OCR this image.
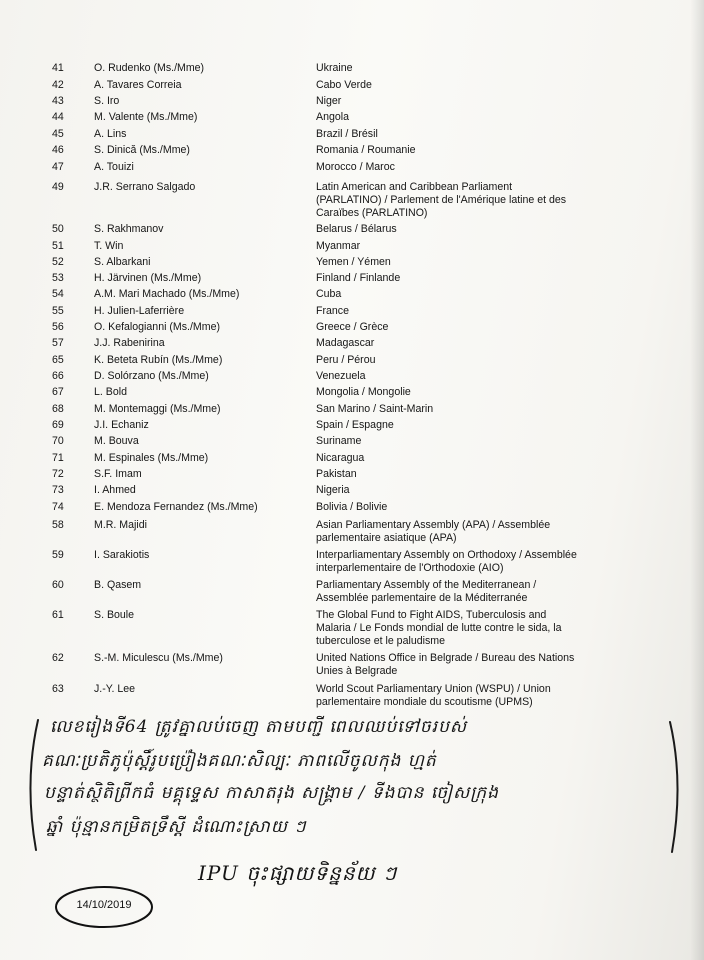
41	O. Rudenko (Ms./Mme)	Ukraine
42	A. Tavares Correia	Cabo Verde
43	S. Iro	Niger
44	M. Valente (Ms./Mme)	Angola
45	A. Lins	Brazil / Brésil
46	S. Dinică (Ms./Mme)	Romania / Roumanie
47	A. Touizi	Morocco / Maroc
49	J.R. Serrano Salgado	Latin American and Caribbean Parliament
(PARLATINO) / Parlement de l'Amérique latine et des
Caraïbes (PARLATINO)
50	S. Rakhmanov	Belarus / Bélarus
51	T. Win	Myanmar
52	S. Albarkani	Yemen / Yémen
53	H. Järvinen (Ms./Mme)	Finland / Finlande
54	A.M. Mari Machado (Ms./Mme)	Cuba
55	H. Julien-Laferrière	France
56	O. Kefalogianni (Ms./Mme)	Greece / Grèce
57	J.J. Rabenirina	Madagascar
65	K. Beteta Rubín (Ms./Mme)	Peru / Pérou
66	D. Solórzano (Ms./Mme)	Venezuela
67	L. Bold	Mongolia / Mongolie
68	M. Montemaggi (Ms./Mme)	San Marino / Saint-Marin
69	J.I. Echaniz	Spain / Espagne
70	M. Bouva	Suriname
71	M. Espinales (Ms./Mme)	Nicaragua
72	S.F. Imam	Pakistan
73	I. Ahmed	Nigeria
74	E. Mendoza Fernandez (Ms./Mme)	Bolivia / Bolivie
58	M.R. Majidi	Asian Parliamentary Assembly (APA) / Assemblée
parlementaire asiatique (APA)
59	I. Sarakiotis	Interparliamentary Assembly on Orthodoxy / Assemblée
interparlementaire de l'Orthodoxie (AIO)
60	B. Qasem	Parliamentary Assembly of the Mediterranean /
Assemblée parlementaire de la Méditerranée
61	S. Boule	The Global Fund to Fight AIDS, Tuberculosis and
Malaria / Le Fonds mondial de lutte contre le sida, la
tuberculose et le paludisme
62	S.-M. Miculescu (Ms./Mme)	United Nations Office in Belgrade / Bureau des Nations
Unies à Belgrade
63	J.-Y. Lee	World Scout Parliamentary Union (WSPU) / Union
parlementaire mondiale du scoutisme (UPMS)
លេខរៀងទី64 ត្រូវគ្នាលប់ចេញ តាមបញ្ជី ពេលឈប់ទៅចរបស់
គណៈប្រតិភូប៉ុស្តិ៍រូបប្រ៉ៀងគណៈសិល្បៈ ភាពលើចូលកុង ហ្មត់
បន្ទាត់ស្ថិតិព្រីកធំ មគ្គុទ្ទេស កាសាតរុង សង្គ្រាម / ទីងបាន ចៀសក្រុង
ឆ្នាំ ប៉ុន្មានកម្រិតទ្រឹស្តី ដំណោះស្រាយ ៗ
IPU ចុះផ្សាយទិន្នន័យ ៗ
14/10/2019
